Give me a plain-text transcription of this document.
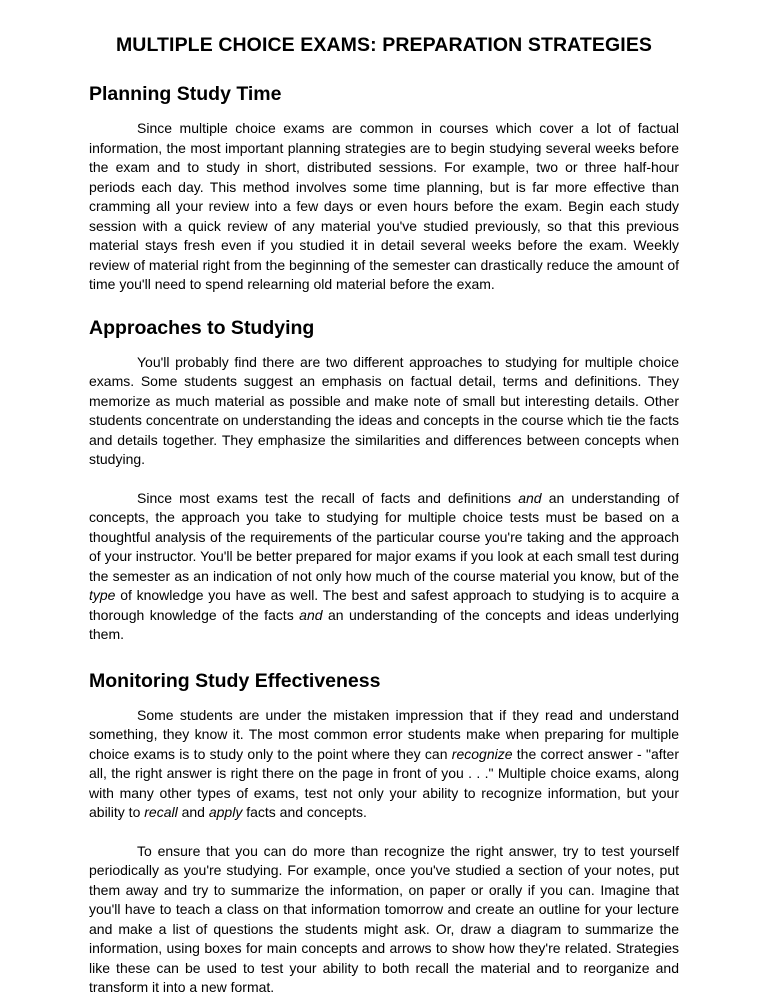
MULTIPLE CHOICE EXAMS: PREPARATION STRATEGIES
Planning Study Time

Since multiple choice exams are common in courses which cover a lot of factual information, the most important planning strategies are to begin studying several weeks before the exam and to study in short, distributed sessions. For example, two or three half-hour periods each day. This method involves some time planning, but is far more effective than cramming all your review into a few days or even hours before the exam. Begin each study session with a quick review of any material you've studied previously, so that this previous material stays fresh even if you studied it in detail several weeks before the exam. Weekly review of material right from the beginning of the semester can drastically reduce the amount of time you'll need to spend relearning old material before the exam.

Approaches to Studying

You'll probably find there are two different approaches to studying for multiple choice exams. Some students suggest an emphasis on factual detail, terms and definitions. They memorize as much material as possible and make note of small but interesting details. Other students concentrate on understanding the ideas and concepts in the course which tie the facts and details together. They emphasize the similarities and differences between concepts when studying.

Since most exams test the recall of facts and definitions and an understanding of concepts, the approach you take to studying for multiple choice tests must be based on a thoughtful analysis of the requirements of the particular course you're taking and the approach of your instructor. You'll be better prepared for major exams if you look at each small test during the semester as an indication of not only how much of the course material you know, but of the type of knowledge you have as well. The best and safest approach to studying is to acquire a thorough knowledge of the facts and an understanding of the concepts and ideas underlying them.

Monitoring Study Effectiveness

Some students are under the mistaken impression that if they read and understand something, they know it. The most common error students make when preparing for multiple choice exams is to study only to the point where they can recognize the correct answer - "after all, the right answer is right there on the page in front of you . . ." Multiple choice exams, along with many other types of exams, test not only your ability to recognize information, but your ability to recall and apply facts and concepts.

To ensure that you can do more than recognize the right answer, try to test yourself periodically as you're studying. For example, once you've studied a section of your notes, put them away and try to summarize the information, on paper or orally if you can. Imagine that you'll have to teach a class on that information tomorrow and create an outline for your lecture and make a list of questions the students might ask. Or, draw a diagram to summarize the information, using boxes for main concepts and arrows to show how they're related. Strategies like these can be used to test your ability to both recall the material and to reorganize and transform it into a new format.
